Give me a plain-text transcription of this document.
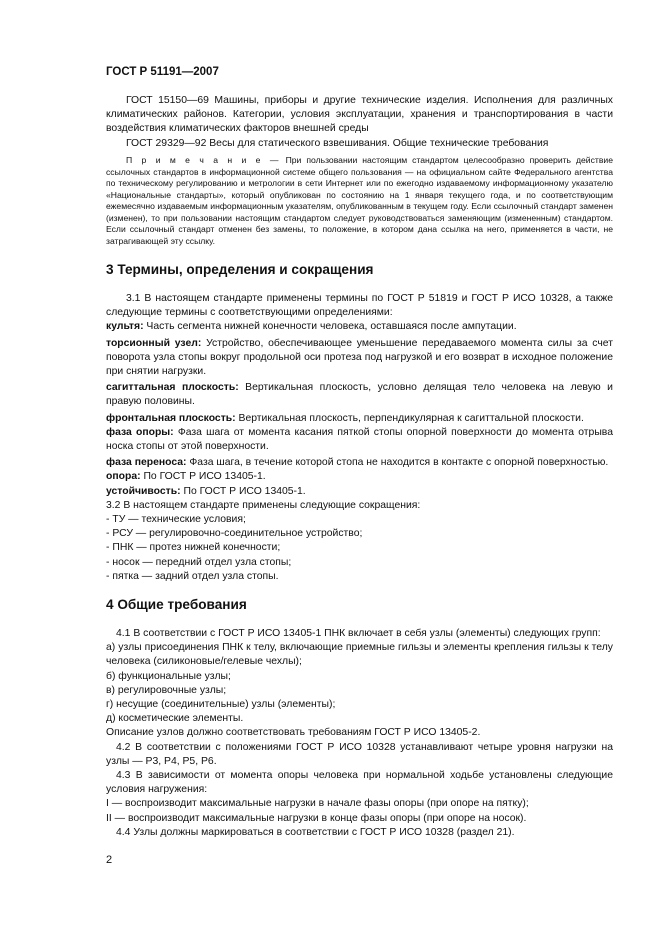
ГОСТ Р 51191—2007

ГОСТ 15150—69 Машины, приборы и другие технические изделия. Исполнения для различных климатических районов. Категории, условия эксплуатации, хранения и транспортирования в части воздействия климатических факторов внешней среды

ГОСТ 29329—92 Весы для статического взвешивания. Общие технические требования

П р и м е ч а н и е — При пользовании настоящим стандартом целесообразно проверить действие ссылочных стандартов в информационной системе общего пользования — на официальном сайте Федерального агентства по техническому регулированию и метрологии в сети Интернет или по ежегодно издаваемому информационному указателю «Национальные стандарты», который опубликован по состоянию на 1 января текущего года, и по соответствующим ежемесячно издаваемым информационным указателям, опубликованным в текущем году. Если ссылочный стандарт заменен (изменен), то при пользовании настоящим стандартом следует руководствоваться заменяющим (измененным) стандартом. Если ссылочный стандарт отменен без замены, то положение, в котором дана ссылка на него, применяется в части, не затрагивающей эту ссылку.

3 Термины, определения и сокращения

3.1 В настоящем стандарте применены термины по ГОСТ Р 51819 и ГОСТ Р ИСО 10328, а также следующие термины с соответствующими определениями:

культя: Часть сегмента нижней конечности человека, оставшаяся после ампутации.

торсионный узел: Устройство, обеспечивающее уменьшение передаваемого момента силы за счет поворота узла стопы вокруг продольной оси протеза под нагрузкой и его возврат в исходное положение при снятии нагрузки.

сагиттальная плоскость: Вертикальная плоскость, условно делящая тело человека на левую и правую половины.

фронтальная плоскость: Вертикальная плоскость, перпендикулярная к сагиттальной плоскости.

фаза опоры: Фаза шага от момента касания пяткой стопы опорной поверхности до момента отрыва носка стопы от этой поверхности.

фаза переноса: Фаза шага, в течение которой стопа не находится в контакте с опорной поверхностью.

опора: По ГОСТ Р ИСО 13405-1.

устойчивость: По ГОСТ Р ИСО 13405-1.

3.2 В настоящем стандарте применены следующие сокращения:

- ТУ — технические условия;

- РСУ — регулировочно-соединительное устройство;

- ПНК — протез нижней конечности;

- носок — передний отдел узла стопы;

- пятка — задний отдел узла стопы.

4 Общие требования

4.1 В соответствии с ГОСТ Р ИСО 13405-1 ПНК включает в себя узлы (элементы) следующих групп:

а) узлы присоединения ПНК к телу, включающие приемные гильзы и элементы крепления гильзы к телу человека (силиконовые/гелевые чехлы);

б) функциональные узлы;

в) регулировочные узлы;

г) несущие (соединительные) узлы (элементы);

д) косметические элементы.

Описание узлов должно соответствовать требованиям ГОСТ Р ИСО 13405-2.

4.2 В соответствии с положениями ГОСТ Р ИСО 10328 устанавливают четыре уровня нагрузки на узлы — Р3, Р4, Р5, Р6.

4.3 В зависимости от момента опоры человека при нормальной ходьбе установлены следующие условия нагружения:

I — воспроизводит максимальные нагрузки в начале фазы опоры (при опоре на пятку);

II — воспроизводит максимальные нагрузки в конце фазы опоры (при опоре на носок).

4.4 Узлы должны маркироваться в соответствии с ГОСТ Р ИСО 10328 (раздел 21).

2
